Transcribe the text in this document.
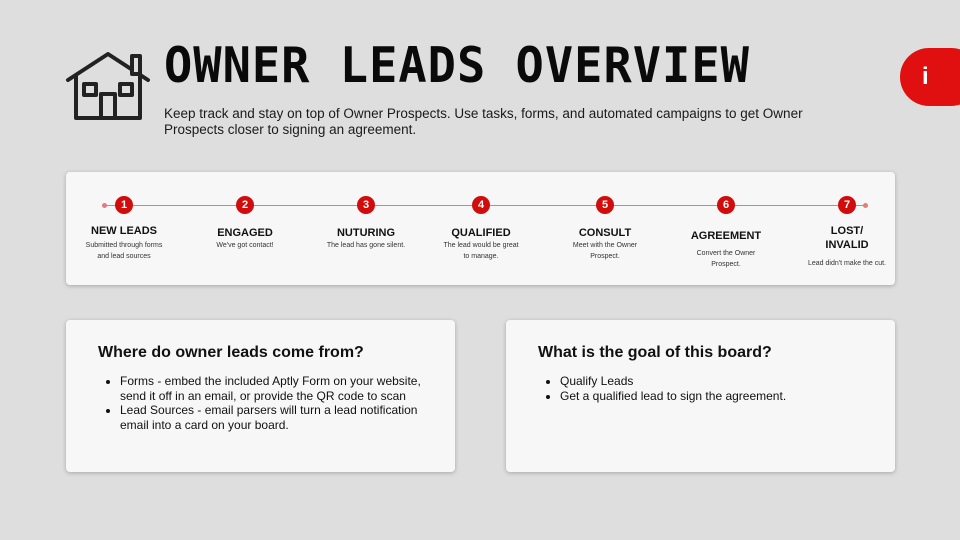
OWNER LEADS OVERVIEW
Keep track and stay on top of Owner Prospects. Use tasks, forms, and automated campaigns to get Owner Prospects closer to signing an agreement.
i
1
NEW LEADS
Submitted through forms and lead sources
2
ENGAGED
We've got contact!
3
NUTURING
The lead has gone silent.
4
QUALIFIED
The lead would be great to manage.
5
CONSULT
Meet with the Owner Prospect.
6
AGREEMENT
Convert the Owner Prospect.
7
LOST/ INVALID
Lead didn't make the cut.
Where do owner leads come from?
• Forms - embed the included Aptly Form on your website, send it off in an email, or provide the QR code to scan
• Lead Sources - email parsers will turn a lead notification email into a card on your board.
What is the goal of this board?
• Qualify Leads
• Get a qualified lead to sign the agreement.
